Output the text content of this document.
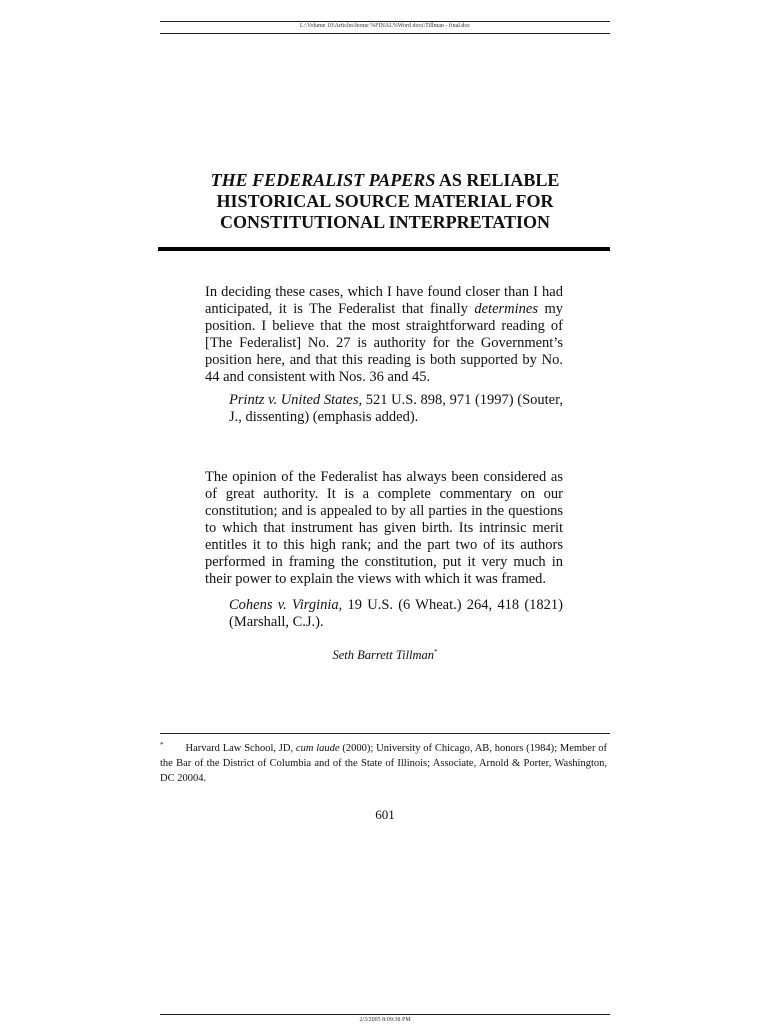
L:\Volume 10\Articles\home %FINAL%Word docs\Tillman - final.doc
THE FEDERALIST PAPERS AS RELIABLE
HISTORICAL SOURCE MATERIAL FOR
CONSTITUTIONAL INTERPRETATION
In deciding these cases, which I have found closer than I had anticipated, it is The Federalist that finally determines my position. I believe that the most straightforward reading of [The Federalist] No. 27 is authority for the Government’s position here, and that this reading is both supported by No. 44 and consistent with Nos. 36 and 45.
Printz v. United States, 521 U.S. 898, 971 (1997) (Souter, J., dissenting) (emphasis added).
The opinion of the Federalist has always been considered as of great authority. It is a complete commentary on our constitution; and is appealed to by all parties in the questions to which that instrument has given birth. Its intrinsic merit entitles it to this high rank; and the part two of its authors performed in framing the constitution, put it very much in their power to explain the views with which it was framed.
Cohens v. Virginia, 19 U.S. (6 Wheat.) 264, 418 (1821) (Marshall, C.J.).
Seth Barrett Tillman*
* Harvard Law School, JD, cum laude (2000); University of Chicago, AB, honors (1984); Member of the Bar of the District of Columbia and of the State of Illinois; Associate, Arnold & Porter, Washington, DC 20004.
601
2/3/2005 8:09:38 PM
